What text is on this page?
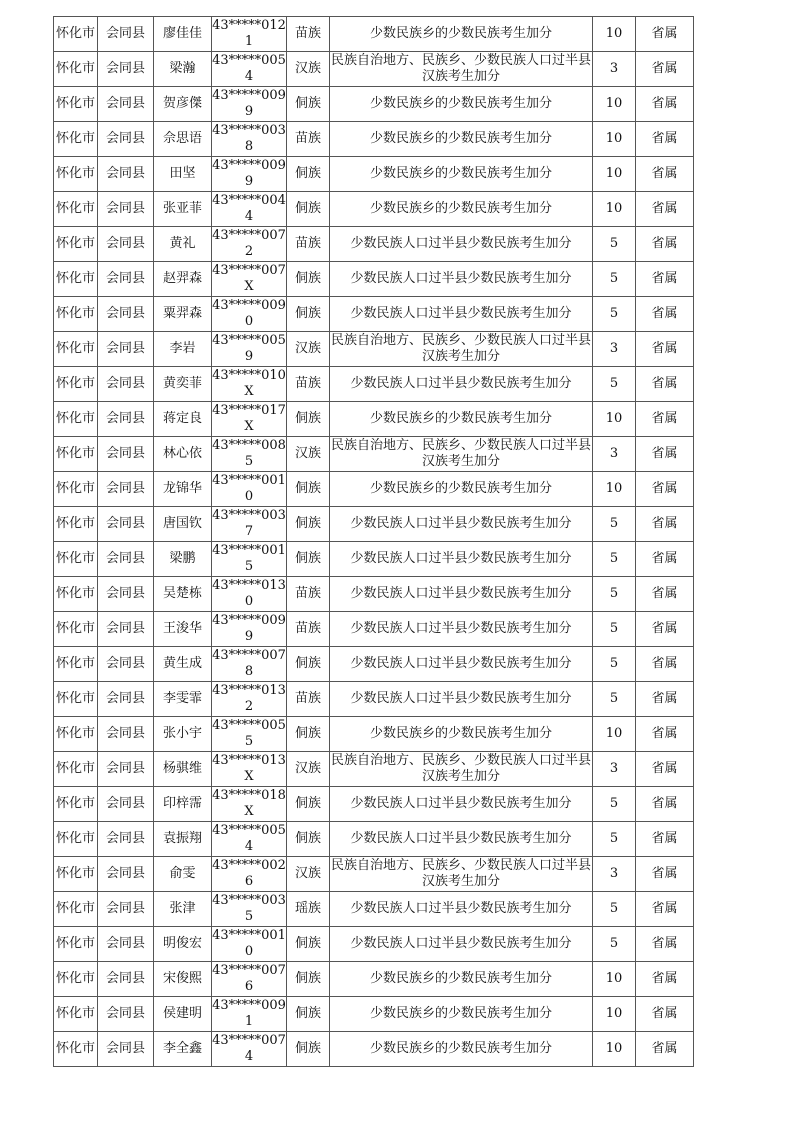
怀化市	会同县	廖佳佳	43*****0121	苗族	少数民族乡的少数民族考生加分	10	省属
怀化市	会同县	梁瀚	43*****0054	汉族	民族自治地方、民族乡、少数民族人口过半县汉族考生加分	3	省属
怀化市	会同县	贺彦傑	43*****0099	侗族	少数民族乡的少数民族考生加分	10	省属
怀化市	会同县	佘思语	43*****0038	苗族	少数民族乡的少数民族考生加分	10	省属
怀化市	会同县	田坚	43*****0099	侗族	少数民族乡的少数民族考生加分	10	省属
怀化市	会同县	张亚菲	43*****0044	侗族	少数民族乡的少数民族考生加分	10	省属
怀化市	会同县	黄礼	43*****0072	苗族	少数民族人口过半县少数民族考生加分	5	省属
怀化市	会同县	赵羿森	43*****007X	侗族	少数民族人口过半县少数民族考生加分	5	省属
怀化市	会同县	粟羿森	43*****0090	侗族	少数民族人口过半县少数民族考生加分	5	省属
怀化市	会同县	李岩	43*****0059	汉族	民族自治地方、民族乡、少数民族人口过半县汉族考生加分	3	省属
怀化市	会同县	黄奕菲	43*****010X	苗族	少数民族人口过半县少数民族考生加分	5	省属
怀化市	会同县	蒋定良	43*****017X	侗族	少数民族乡的少数民族考生加分	10	省属
怀化市	会同县	林心依	43*****0085	汉族	民族自治地方、民族乡、少数民族人口过半县汉族考生加分	3	省属
怀化市	会同县	龙锦华	43*****0010	侗族	少数民族乡的少数民族考生加分	10	省属
怀化市	会同县	唐国钦	43*****0037	侗族	少数民族人口过半县少数民族考生加分	5	省属
怀化市	会同县	梁鹏	43*****0015	侗族	少数民族人口过半县少数民族考生加分	5	省属
怀化市	会同县	吴楚栋	43*****0130	苗族	少数民族人口过半县少数民族考生加分	5	省属
怀化市	会同县	王浚华	43*****0099	苗族	少数民族人口过半县少数民族考生加分	5	省属
怀化市	会同县	黄生成	43*****0078	侗族	少数民族人口过半县少数民族考生加分	5	省属
怀化市	会同县	李雯霏	43*****0132	苗族	少数民族人口过半县少数民族考生加分	5	省属
怀化市	会同县	张小宇	43*****0055	侗族	少数民族乡的少数民族考生加分	10	省属
怀化市	会同县	杨骐维	43*****013X	汉族	民族自治地方、民族乡、少数民族人口过半县汉族考生加分	3	省属
怀化市	会同县	印梓霈	43*****018X	侗族	少数民族人口过半县少数民族考生加分	5	省属
怀化市	会同县	袁振翔	43*****0054	侗族	少数民族人口过半县少数民族考生加分	5	省属
怀化市	会同县	俞雯	43*****0026	汉族	民族自治地方、民族乡、少数民族人口过半县汉族考生加分	3	省属
怀化市	会同县	张津	43*****0035	瑶族	少数民族人口过半县少数民族考生加分	5	省属
怀化市	会同县	明俊宏	43*****0010	侗族	少数民族人口过半县少数民族考生加分	5	省属
怀化市	会同县	宋俊熙	43*****0076	侗族	少数民族乡的少数民族考生加分	10	省属
怀化市	会同县	侯建明	43*****0091	侗族	少数民族乡的少数民族考生加分	10	省属
怀化市	会同县	李全鑫	43*****0074	侗族	少数民族乡的少数民族考生加分	10	省属
